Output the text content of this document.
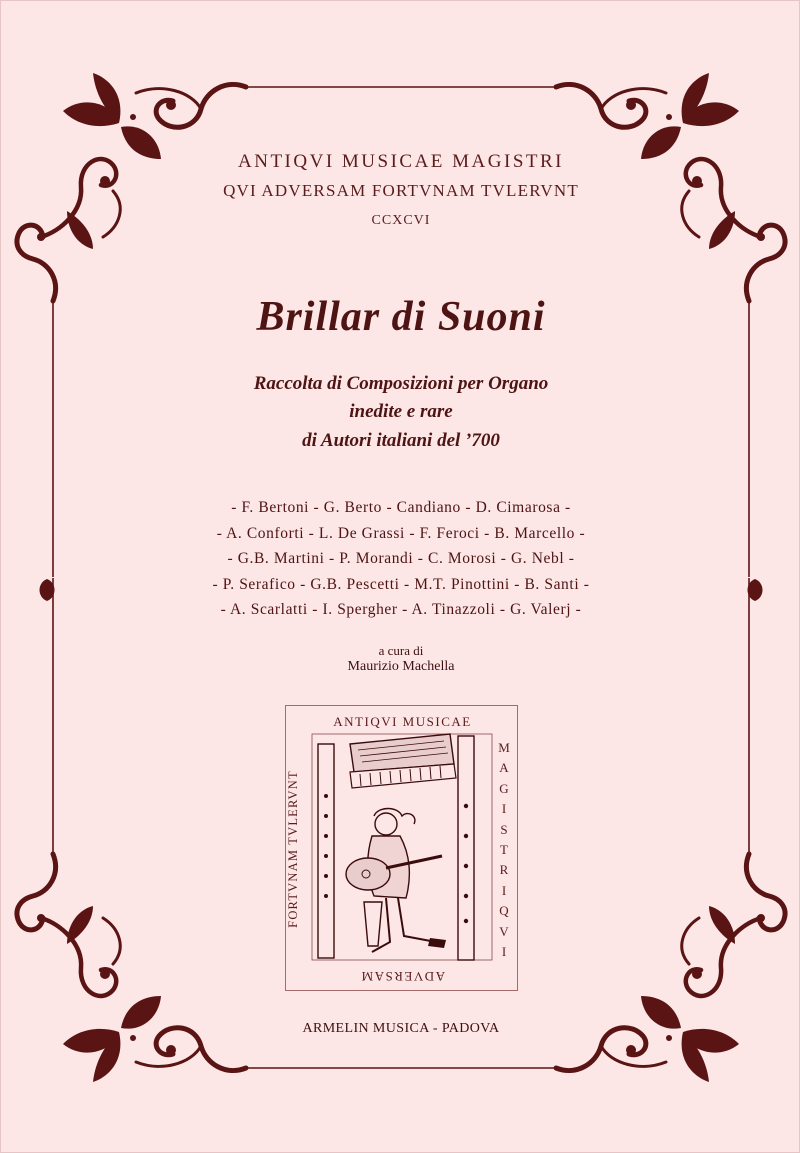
ANTIQVI MUSICAE MAGISTRI
QVI ADVERSAM FORTVNAM TVLERVNT
CCXCVI
Brillar di Suoni
Raccolta di Composizioni per Organo
inedite e rare
di Autori italiani del ’700
- F. Bertoni - G. Berto - Candiano - D. Cimarosa -
- A. Conforti - L. De Grassi - F. Feroci - B. Marcello -
- G.B. Martini - P. Morandi - C. Morosi - G. Nebl -
- P. Serafico - G.B. Pescetti - M.T. Pinottini - B. Santi -
- A. Scarlatti - I. Spergher - A. Tinazzoli - G. Valerj -
a cura di
Maurizio Machella
ANTIQVI MUSICAE
ADVERSAM
FORTVNAM TVLERVNT
M
A
G
I
S
T
R
I
Q
V
I
ARMELIN MUSICA - PADOVA
